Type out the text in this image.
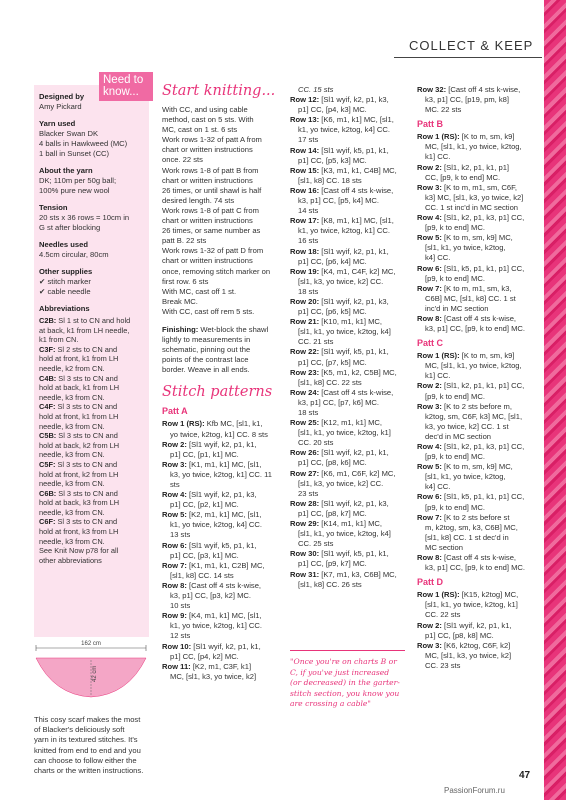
COLLECT & KEEP
Designed by
Amy Pickard
Yarn used
Blacker Swan DK
4 balls in Hawkweed (MC)
1 ball in Sunset (CC)
About the yarn
DK; 110m per 50g ball;
100% pure new wool
Tension
20 sts x 36 rows = 10cm in
G st after blocking
Needles used
4.5cm circular, 80cm
Other supplies
✔ stitch marker
✔ cable needle
Abbreviations
C2B: Sl 1 st to CN and hold
at back, k1 from LH needle,
k1 from CN.
C3F: Sl 2 sts to CN and
hold at front, k1 from LH
needle, k2 from CN.
C4B: Sl 3 sts to CN and
hold at back, k1 from LH
needle, k3 from CN.
C4F: Sl 3 sts to CN and
hold at front, k1 from LH
needle, k3 from CN.
C5B: Sl 3 sts to CN and
hold at back, k2 from LH
needle, k3 from CN.
C5F: Sl 3 sts to CN and
hold at front, k2 from LH
needle, k3 from CN.
C6B: Sl 3 sts to CN and
hold at back, k3 from LH
needle, k3 from CN.
C6F: Sl 3 sts to CN and
hold at front, k3 from LH
needle, k3 from CN.
See Knit Now p78 for all
other abbreviations
Need to know...
162 cm
42 cm
This cosy scarf makes the most
of Blacker's deliciously soft
yarn in its textured stitches. It's
knitted from end to end and you
can choose to follow either the
charts or the written instructions.
Start knitting...

With CC, and using cable

method, cast on 5 sts. With

MC, cast on 1 st. 6 sts

Work rows 1-32 of patt A from

chart or written instructions

once. 22 sts

Work rows 1-8 of patt B from

chart or written instructions

26 times, or until shawl is half

desired length. 74 sts

Work rows 1-8 of patt C from

chart or written instructions

26 times, or same number as

patt B. 22 sts

Work rows 1-32 of patt D from

chart or written instructions

once, removing stitch marker on

first row. 6 sts

With MC, cast off 1 st.

Break MC.

With CC, cast off rem 5 sts.

Finishing: Wet-block the shawl

lightly to measurements in

schematic, pinning out the

points of the contrast lace

border. Weave in all ends.

Stitch patterns
Patt A

Row 1 (RS): Kfb MC, [sl1, k1,

yo twice, k2tog, k1] CC. 8 sts

Row 2: [Sl1 wyif, k2, p1, k1,

p1] CC, [p1, k1] MC.

Row 3: [K1, m1, k1] MC, [sl1,

k3, yo twice, k2tog, k1] CC. 11 sts

Row 4: [Sl1 wyif, k2, p1, k3,

p1] CC, [p2, k1] MC.

Row 5: [K2, m1, k1] MC, [sl1,

k1, yo twice, k2tog, k4] CC.

13 sts

Row 6: [Sl1 wyif, k5, p1, k1,

p1] CC, [p3, k1] MC.

Row 7: [K1, m1, k1, C2B] MC,

[sl1, k8] CC. 14 sts

Row 8: [Cast off 4 sts k-wise,

k3, p1] CC, [p3, k2] MC.

10 sts

Row 9: [K4, m1, k1] MC, [sl1,

k1, yo twice, k2tog, k1] CC.

12 sts

Row 10: [Sl1 wyif, k2, p1, k1,

p1] CC, [p4, k2] MC.

Row 11: [K2, m1, C3F, k1]

MC, [sl1, k3, yo twice, k2]

CC. 15 sts

Row 12: [Sl1 wyif, k2, p1, k3,

p1] CC, [p4, k3] MC.

Row 13: [K6, m1, k1] MC, [sl1,

k1, yo twice, k2tog, k4] CC.

17 sts

Row 14: [Sl1 wyif, k5, p1, k1,

p1] CC, [p5, k3] MC.

Row 15: [K3, m1, k1, C4B] MC,

[sl1, k8] CC. 18 sts

Row 16: [Cast off 4 sts k-wise,

k3, p1] CC, [p5, k4] MC.

14 sts

Row 17: [K8, m1, k1] MC, [sl1,

k1, yo twice, k2tog, k1] CC.

16 sts

Row 18: [Sl1 wyif, k2, p1, k1,

p1] CC, [p6, k4] MC.

Row 19: [K4, m1, C4F, k2] MC,

[sl1, k3, yo twice, k2] CC.

18 sts

Row 20: [Sl1 wyif, k2, p1, k3,

p1] CC, [p6, k5] MC.

Row 21: [K10, m1, k1] MC,

[sl1, k1, yo twice, k2tog, k4]

CC. 21 sts

Row 22: [Sl1 wyif, k5, p1, k1,

p1] CC, [p7, k5] MC.

Row 23: [K5, m1, k2, C5B] MC,

[sl1, k8] CC. 22 sts

Row 24: [Cast off 4 sts k-wise,

k3, p1] CC, [p7, k6] MC.

18 sts

Row 25: [K12, m1, k1] MC,

[sl1, k1, yo twice, k2tog, k1]

CC. 20 sts

Row 26: [Sl1 wyif, k2, p1, k1,

p1] CC, [p8, k6] MC.

Row 27: [K6, m1, C6F, k2] MC,

[sl1, k3, yo twice, k2] CC.

23 sts

Row 28: [Sl1 wyif, k2, p1, k3,

p1] CC, [p8, k7] MC.

Row 29: [K14, m1, k1] MC,

[sl1, k1, yo twice, k2tog, k4]

CC. 25 sts

Row 30: [Sl1 wyif, k5, p1, k1,

p1] CC, [p9, k7] MC.

Row 31: [K7, m1, k3, C6B] MC,

[sl1, k8] CC. 26 sts

"Once you're on charts B or
C, if you've just increased
(or decreased) in the garter-
stitch section, you know you
are crossing a cable"

Row 32: [Cast off 4 sts k-wise,

k3, p1] CC, [p19, pm, k8]

MC. 22 sts

Patt B

Row 1 (RS): [K to m, sm, k9]

MC, [sl1, k1, yo twice, k2tog,

k1] CC.

Row 2: [Sl1, k2, p1, k1, p1]

CC, [p9, k to end] MC.

Row 3: [K to m, m1, sm, C6F,

k3] MC, [sl1, k3, yo twice, k2]

CC. 1 st inc'd in MC section

Row 4: [Sl1, k2, p1, k3, p1] CC,

[p9, k to end] MC.

Row 5: [K to m, sm, k9] MC,

[sl1, k1, yo twice, k2tog,

k4] CC.

Row 6: [Sl1, k5, p1, k1, p1] CC,

[p9, k to end] MC.

Row 7: [K to m, m1, sm, k3,

C6B] MC, [sl1, k8] CC. 1 st

inc'd in MC section

Row 8: [Cast off 4 sts k-wise,

k3, p1] CC, [p9, k to end] MC.

Patt C

Row 1 (RS): [K to m, sm, k9]

MC, [sl1, k1, yo twice, k2tog,

k1] CC.

Row 2: [Sl1, k2, p1, k1, p1] CC,

[p9, k to end] MC.

Row 3: [K to 2 sts before m,

k2tog, sm, C6F, k3] MC, [sl1,

k3, yo twice, k2] CC. 1 st

dec'd in MC section

Row 4: [Sl1, k2, p1, k3, p1] CC,

[p9, k to end] MC.

Row 5: [K to m, sm, k9] MC,

[sl1, k1, yo twice, k2tog,

k4] CC.

Row 6: [Sl1, k5, p1, k1, p1] CC,

[p9, k to end] MC.

Row 7: [K to 2 sts before st

m, k2tog, sm, k3, C6B] MC,

[sl1, k8] CC. 1 st dec'd in

MC section

Row 8: [Cast off 4 sts k-wise,

k3, p1] CC, [p9, k to end] MC.

Patt D

Row 1 (RS): [K15, k2tog] MC,

[sl1, k1, yo twice, k2tog, k1]

CC. 22 sts

Row 2: [Sl1 wyif, k2, p1, k1,

p1] CC, [p8, k8] MC.

Row 3: [K6, k2tog, C6F, k2]

MC, [sl1, k3, yo twice, k2]

CC. 23 sts

47
PassionForum.ru
